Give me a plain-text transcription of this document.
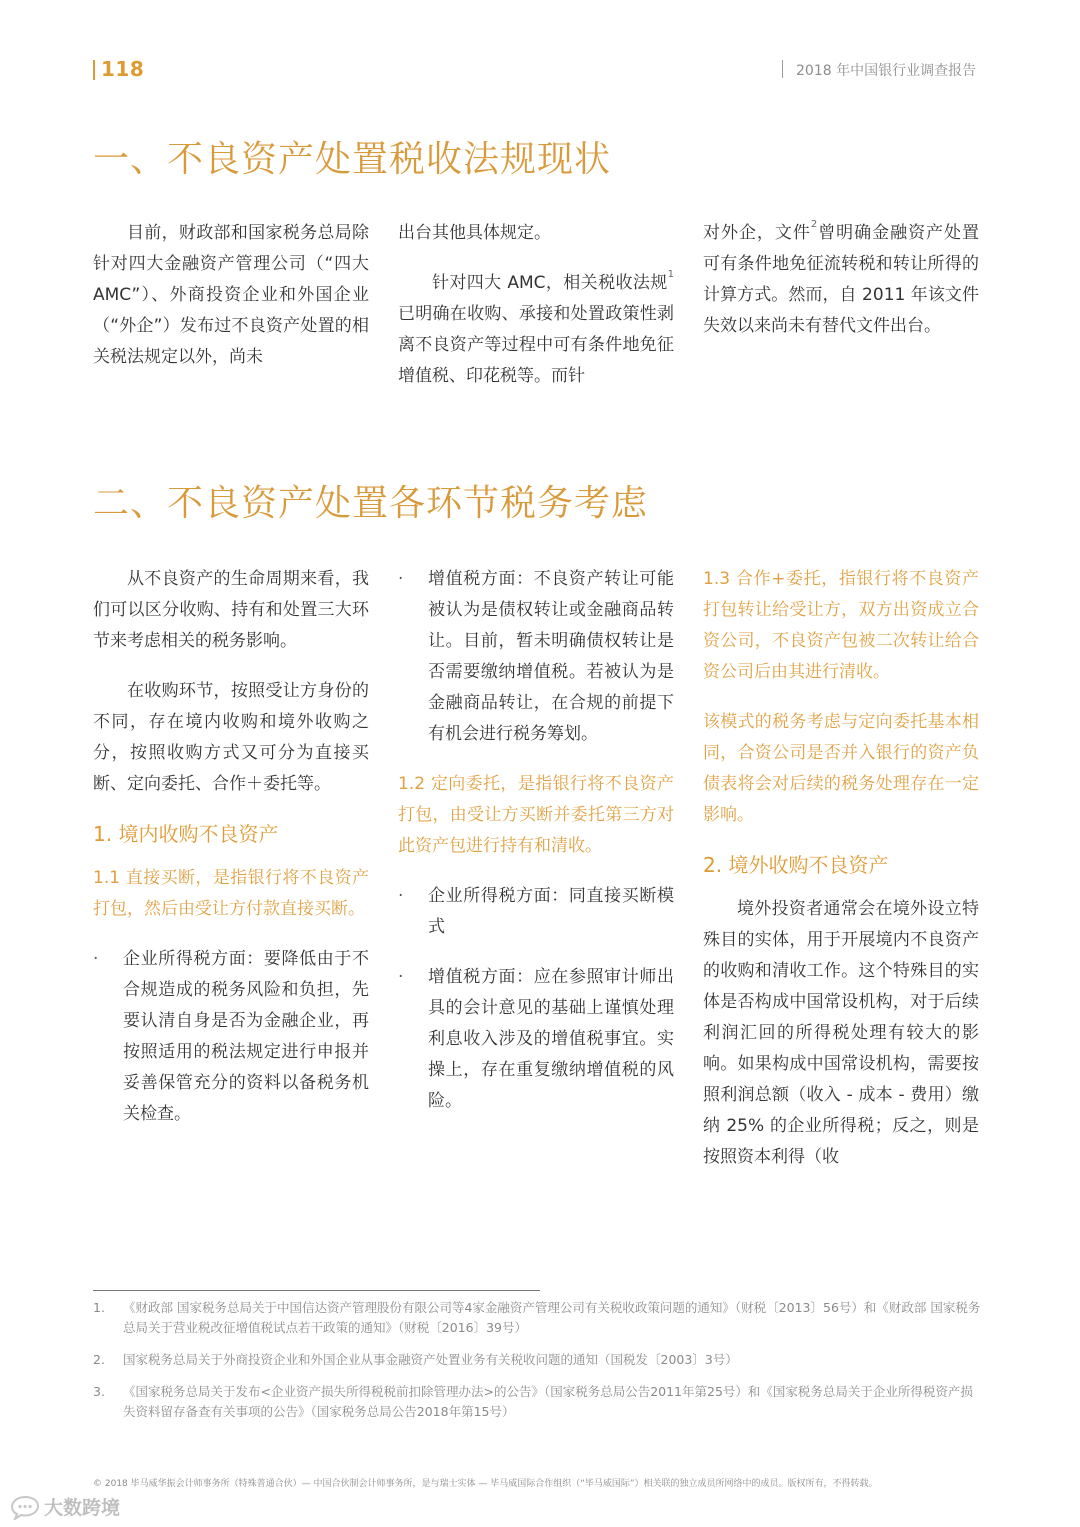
118	2018 年中国银行业调查报告
一、不良资产处置税收法规现状

目前，财政部和国家税务总局除针对四大金融资产管理公司（“四大 AMC”）、外商投资企业和外国企业（“外企”）发布过不良资产处置的相关税法规定以外，尚未

出台其他具体规定。

针对四大 AMC，相关税收法规$^1$已明确在收购、承接和处置政策性剥离不良资产等过程中可有条件地免征增值税、印花税等。而针

对外企，文件$^2$曾明确金融资产处置可有条件地免征流转税和转让所得的计算方式。然而，自 2011 年该文件失效以来尚未有替代文件出台。

二、不良资产处置各环节税务考虑

从不良资产的生命周期来看，我们可以区分收购、持有和处置三大环节来考虑相关的税务影响。

在收购环节，按照受让方身份的不同，存在境内收购和境外收购之分，按照收购方式又可分为直接买断、定向委托、合作＋委托等。

1. 境内收购不良资产

1.1 直接买断，是指银行将不良资产打包，然后由受让方付款直接买断。

·	企业所得税方面：要降低由于不合规造成的税务风险和负担，先要认清自身是否为金融企业，再按照适用的税法规定进行申报并妥善保管充分的资料以备税务机关检查。
·	增值税方面：不良资产转让可能被认为是债权转让或金融商品转让。目前，暂未明确债权转让是否需要缴纳增值税。若被认为是金融商品转让，在合规的前提下有机会进行税务筹划。

1.2 定向委托，是指银行将不良资产打包，由受让方买断并委托第三方对此资产包进行持有和清收。

·	企业所得税方面：同直接买断模式
·	增值税方面：应在参照审计师出具的会计意见的基础上谨慎处理利息收入涉及的增值税事宜。实操上，存在重复缴纳增值税的风险。

1.3 合作+委托，指银行将不良资产打包转让给受让方，双方出资成立合资公司，不良资产包被二次转让给合资公司后由其进行清收。

该模式的税务考虑与定向委托基本相同，合资公司是否并入银行的资产负债表将会对后续的税务处理存在一定影响。

2. 境外收购不良资产

境外投资者通常会在境外设立特殊目的实体，用于开展境内不良资产的收购和清收工作。这个特殊目的实体是否构成中国常设机构，对于后续利润汇回的所得税处理有较大的影响。如果构成中国常设机构，需要按照利润总额（收入 - 成本 - 费用）缴纳 25% 的企业所得税；反之，则是按照资本利得（收

1.	《财政部 国家税务总局关于中国信达资产管理股份有限公司等4家金融资产管理公司有关税收政策问题的通知》（财税〔2013〕56号）和《财政部 国家税务总局关于营业税改征增值税试点若干政策的通知》（财税〔2016〕39号）
2.	国家税务总局关于外商投资企业和外国企业从事金融资产处置业务有关税收问题的通知（国税发〔2003〕3号）
3.	《国家税务总局关于发布<企业资产损失所得税税前扣除管理办法>的公告》（国家税务总局公告2011年第25号）和《国家税务总局关于企业所得税资产损失资料留存备查有关事项的公告》（国家税务总局公告2018年第15号）
© 2018 毕马威华振会计师事务所（特殊普通合伙）— 中国合伙制会计师事务所，是与瑞士实体 — 毕马威国际合作组织（“毕马威国际”）相关联的独立成员所网络中的成员。版权所有，不得转载。
大数跨境
